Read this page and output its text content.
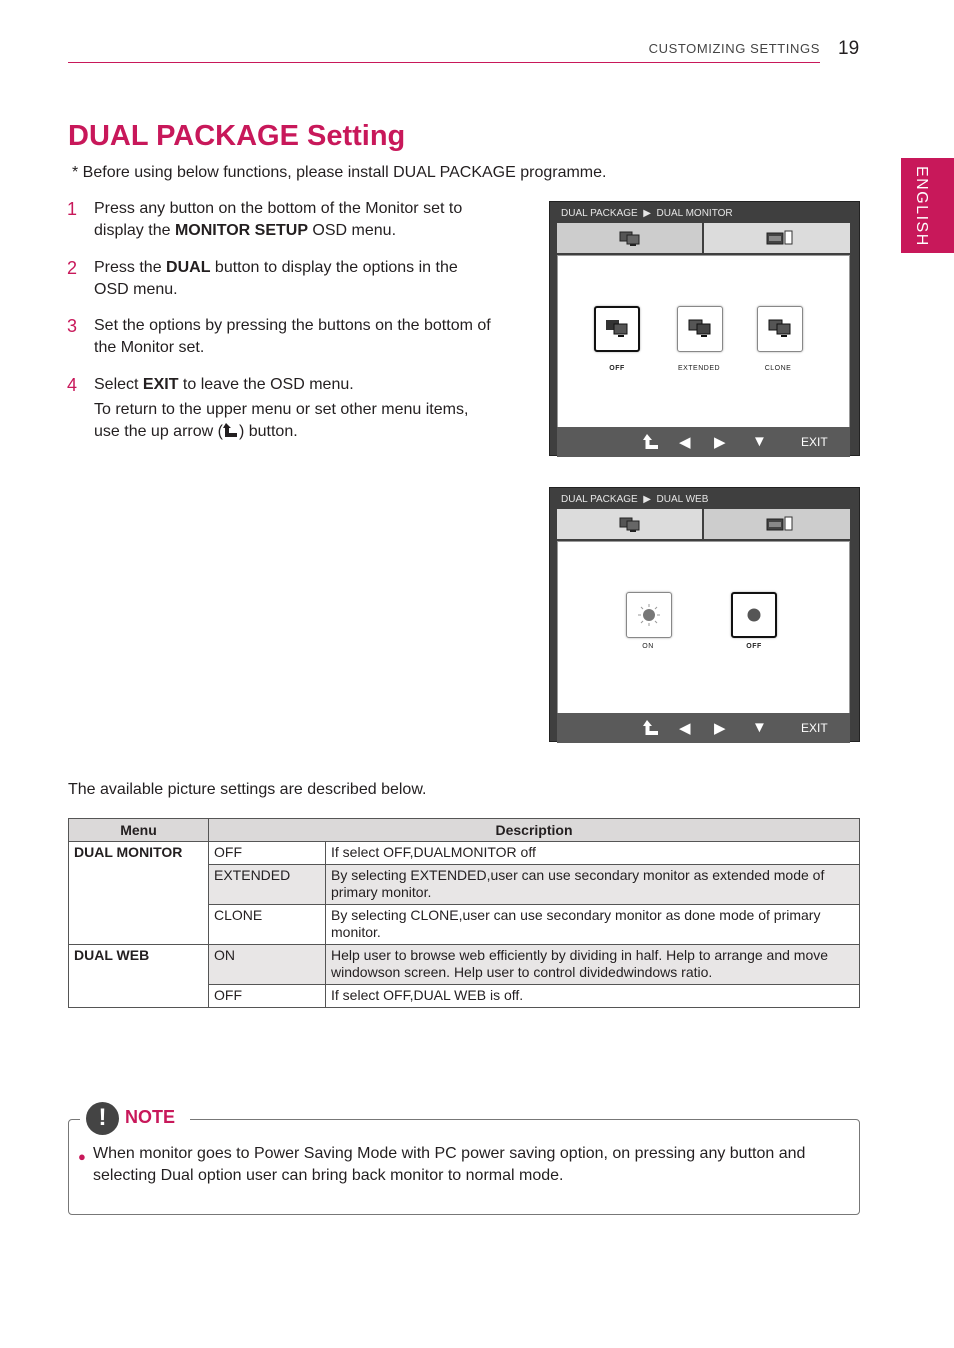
CUSTOMIZING SETTINGS 19
ENGLISH
DUAL PACKAGE Setting
* Before using below functions, please install DUAL PACKAGE programme.
1 Press any button on the bottom of the Monitor set to display the MONITOR SETUP OSD menu.
2 Press the DUAL button to display the options in the OSD menu.
3 Set the options by pressing the buttons on the bottom of the Monitor set.
4 Select EXIT to leave the OSD menu.
To return to the upper menu or set other menu items, use the up arrow ( ) button.
DUAL PACKAGE  ▶  DUAL MONITOR
OFF	EXTENDED	CLONE
◀ ▶ ▼	EXIT
DUAL PACKAGE  ▶  DUAL WEB
ON	OFF
◀ ▶ ▼	EXIT
The available picture settings are described below.
Menu	Description	
DUAL MONITOR	OFF	If select OFF,DUALMONITOR off
	EXTENDED	By selecting EXTENDED,user can use secondary monitor as extended mode of primary monitor.
	CLONE	By selecting CLONE,user can use secondary monitor as done mode of primary monitor.
DUAL WEB	ON	Help user to browse web efficiently by dividing in half. Help to arrange and move windowson screen. Help user to control dividedwindows ratio.
	OFF	If select OFF,DUAL WEB is off.
!	NOTE
● When monitor goes to Power Saving Mode with PC power saving option, on pressing any button and selecting Dual option user can bring back monitor to normal mode.
